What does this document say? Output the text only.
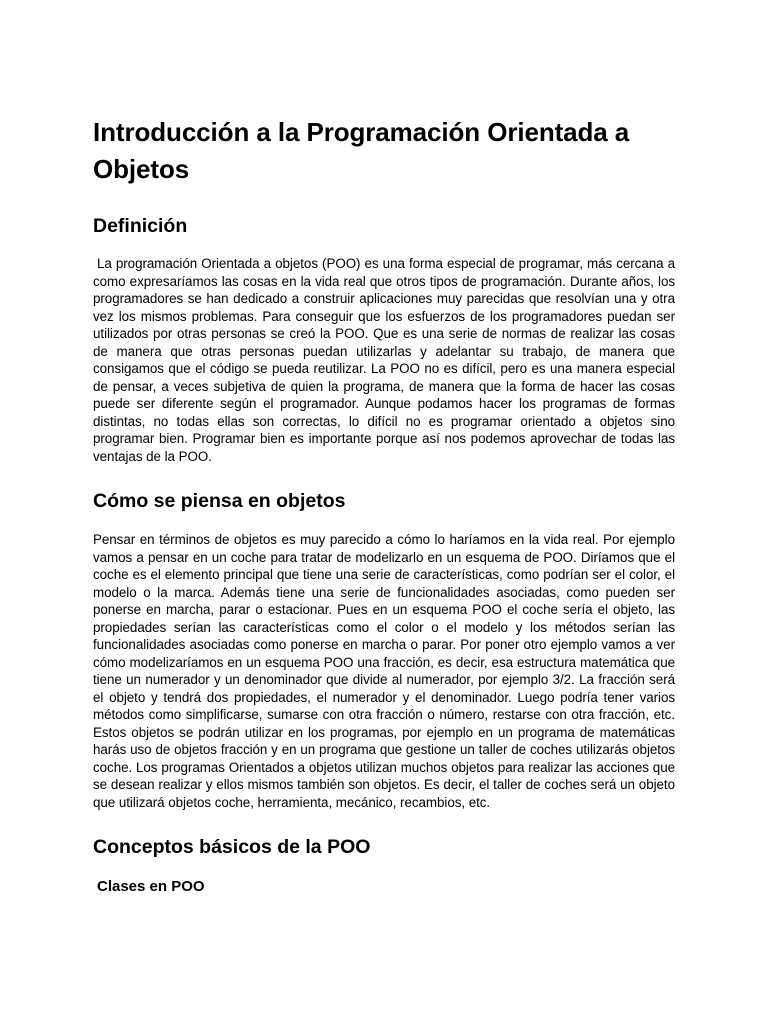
Introducción a la Programación Orientada a Objetos
Definición

La programación Orientada a objetos (POO) es una forma especial de programar, más cercana a como expresaríamos las cosas en la vida real que otros tipos de programación. Durante años, los programadores se han dedicado a construir aplicaciones muy parecidas que resolvían una y otra vez los mismos problemas. Para conseguir que los esfuerzos de los programadores puedan ser utilizados por otras personas se creó la POO. Que es una serie de normas de realizar las cosas de manera que otras personas puedan utilizarlas y adelantar su trabajo, de manera que consigamos que el código se pueda reutilizar. La POO no es difícil, pero es una manera especial de pensar, a veces subjetiva de quien la programa, de manera que la forma de hacer las cosas puede ser diferente según el programador. Aunque podamos hacer los programas de formas distintas, no todas ellas son correctas, lo difícil no es programar orientado a objetos sino programar bien. Programar bien es importante porque así nos podemos aprovechar de todas las ventajas de la POO.

Cómo se piensa en objetos

Pensar en términos de objetos es muy parecido a cómo lo haríamos en la vida real. Por ejemplo vamos a pensar en un coche para tratar de modelizarlo en un esquema de POO. Diríamos que el coche es el elemento principal que tiene una serie de características, como podrían ser el color, el modelo o la marca. Además tiene una serie de funcionalidades asociadas, como pueden ser ponerse en marcha, parar o estacionar. Pues en un esquema POO el coche sería el objeto, las propiedades serían las características como el color o el modelo y los métodos serían las funcionalidades asociadas como ponerse en marcha o parar. Por poner otro ejemplo vamos a ver cómo modelizaríamos en un esquema POO una fracción, es decir, esa estructura matemática que tiene un numerador y un denominador que divide al numerador, por ejemplo 3/2. La fracción será el objeto y tendrá dos propiedades, el numerador y el denominador. Luego podría tener varios métodos como simplificarse, sumarse con otra fracción o número, restarse con otra fracción, etc. Estos objetos se podrán utilizar en los programas, por ejemplo en un programa de matemáticas harás uso de objetos fracción y en un programa que gestione un taller de coches utilizarás objetos coche. Los programas Orientados a objetos utilizan muchos objetos para realizar las acciones que se desean realizar y ellos mismos también son objetos. Es decir, el taller de coches será un objeto que utilizará objetos coche, herramienta, mecánico, recambios, etc.

Conceptos básicos de la POO
Clases en POO
